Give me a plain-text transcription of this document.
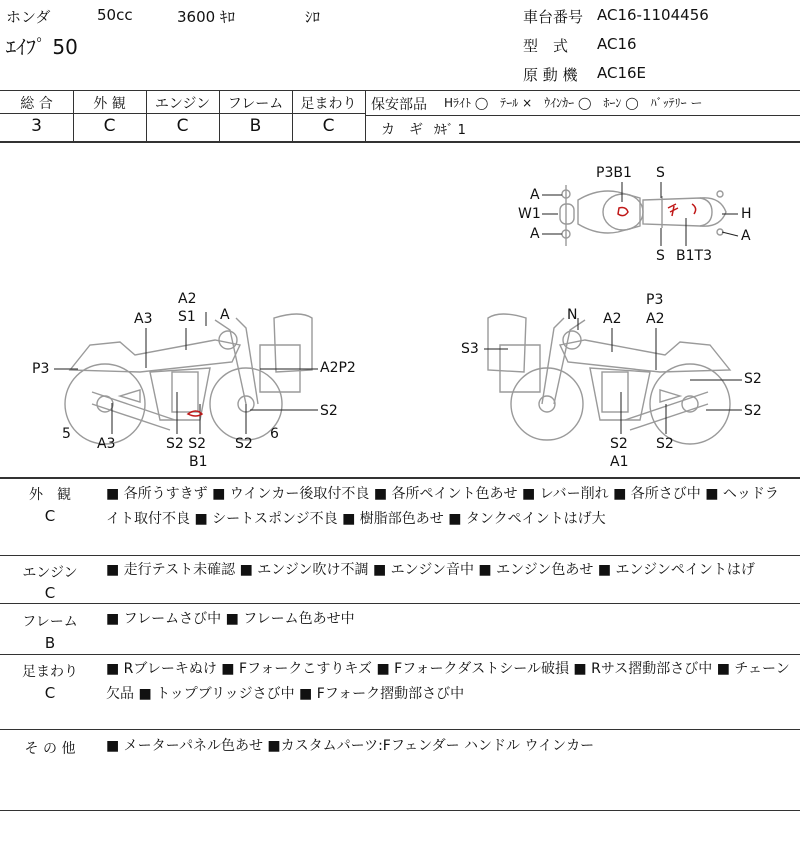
ホンダ	50cc	3600 ｷﾛ	ｼﾛ
ｴｲﾌﾟ 50
車台番号 AC16-1104456
型　式 AC16
原 動 機 AC16E
総 合	外 観	エンジン	フレーム	足まわり
3	C	C	B	C
保安部品 Hﾗｲﾄ ◯　ﾃｰﾙ ×　ｳｲﾝｶｰ ◯　ﾎｰﾝ ◯　ﾊﾞｯﾃﾘｰ ー
カ　ギ ｶｷﾞ 1
A
W1
A
P3B1 S
S B1T3
H
A
A2
S1 A
A3
P3	A2P2
S2
5
A3	S2 S2
B1
S2
6
N A2
P3
A2
S3
S2
S2
S2
A1
S2
外　観
C
■ 各所うすきず ■ ウインカー後取付不良 ■ 各所ペイント色あせ ■ レバー削れ ■ 各所さび中 ■ ヘッドライト取付不良 ■ シートスポンジ不良 ■ 樹脂部色あせ ■ タンクペイントはげ大
エンジン
C
■ 走行テスト未確認 ■ エンジン吹け不調 ■ エンジン音中 ■ エンジン色あせ ■ エンジンペイントはげ
フレーム
B
■ フレームさび中 ■ フレーム色あせ中
足まわり
C
■ Rブレーキぬけ ■ Fフォークこすりキズ ■ Fフォークダストシール破損 ■ Rサス摺動部さび中 ■ チェーン欠品 ■ トップブリッジさび中 ■ Fフォーク摺動部さび中
そ の 他	■ メーターパネル色あせ ■カスタムパーツ:Fフェンダー ハンドル ウインカー
